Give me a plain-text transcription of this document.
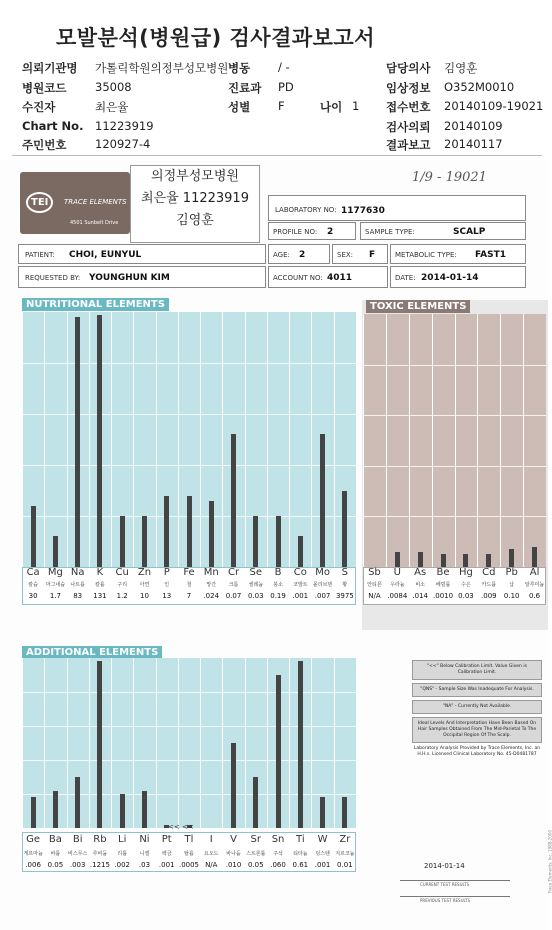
모발분석(병원급) 검사결과보고서
의뢰기관명 가톨릭학원의정부성모병원
병원코드 35008
수진자	최은율
Chart No. 11223919
주민번호 120927-4
병동 / -
진료과 PD
성별 F	나이 1
담당의사 김영훈
임상정보 O352M0010
접수번호 20140109-19021
검사의뢰 20140109
결과보고 20140117
TEI	TRACE ELEMENTS
4501 Sunbelt Drive
의정부성모병원
최은율 11223919
김영훈
1/9 - 19021
LABORATORY NO: 1177630
PROFILE NO: 2	SAMPLE TYPE:	SCALP
PATIENT: CHOI, EUNYUL	AGE: 2	SEX: F	METABOLIC TYPE: FAST1
REQUESTED BY: YOUNGHUN KIM	ACCOUNT NO: 4011	DATE: 2014-01-14
NUTRITIONAL ELEMENTS	TOXIC ELEMENTS
ADDITIONAL ELEMENTS
Ca Mg Na	K	Cu Zn	P	Fe Mn Cr	Se	B	Co Mo	S
칼슘	마그네슘	나트륨	칼륨	구리	아연	인	철	망간	크롬	셀레늄	붕소	코발트	몰리브덴	황
30	1.7	83	131	1.2	10	13	7	.024 0.07 0.03 0.19 .001 .007 3975
Sb	U	As	Be Hg Cd	Pb	Al
안티몬	우라늄	비소	베릴륨	수은	카드뮴	납	알루미늄
N/A .0084 .014 .0010 0.03	.009	0.10	0.6
<< <<
Ge Ba	Bi	Rb	Li	Ni	Pt	Tl	I	V	Sr	Sn	Ti	W	Zr
게르마늄	바륨	비스무스	루비듐	리튬	니켈	백금	탈륨	요오드	바나듐	스트론튬	주석	티타늄	텅스텐	지르코늄
.006 0.05 .003 .1215 .002	.03	.001 .0005 N/A	.010 0.05 .060 0.61 .001 0.01
"<<" Below Calibration Limit. Value Given is Calibration Limit.
"QNS" - Sample Size Was Inadequate For Analysis.
"NA" - Currently Not Available.
Ideal Levels And Interpretation Have Been Based On Hair Samples Obtained From The Mid-Parietal To The Occipital Region Of The Scalp.
Laboratory Analysis Provided by Trace Elements, Inc. an H.H.s. Licensed Clinical Laboratory No. 45-D0481787
2014-01-14
CURRENT TEST RESULTS
PREVIOUS TEST RESULTS
Trace Elements, Inc. 1988-2000
